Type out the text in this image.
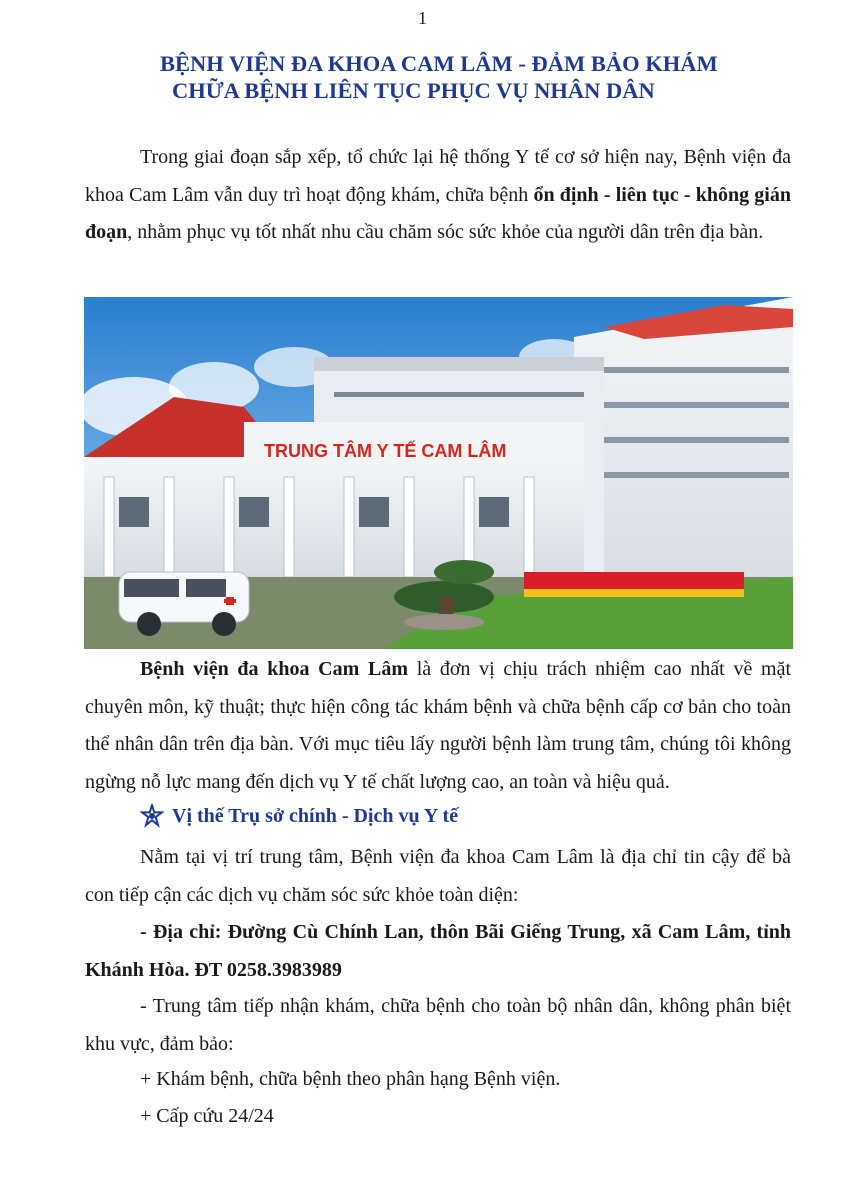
1
BỆNH VIỆN ĐA KHOA CAM LÂM - ĐẢM BẢO KHÁM
CHỮA BỆNH LIÊN TỤC PHỤC VỤ NHÂN DÂN

Trong giai đoạn sắp xếp, tổ chức lại hệ thống Y tế cơ sở hiện nay, Bệnh viện đa khoa Cam Lâm vẫn duy trì hoạt động khám, chữa bệnh ổn định - liên tục - không gián đoạn, nhằm phục vụ tốt nhất nhu cầu chăm sóc sức khỏe của người dân trên địa bàn.

TRUNG TÂM Y TẾ CAM LÂM

Bệnh viện đa khoa Cam Lâm là đơn vị chịu trách nhiệm cao nhất về mặt chuyên môn, kỹ thuật; thực hiện công tác khám bệnh và chữa bệnh cấp cơ bản cho toàn thể nhân dân trên địa bàn. Với mục tiêu lấy người bệnh làm trung tâm, chúng tôi không ngừng nỗ lực mang đến dịch vụ Y tế chất lượng cao, an toàn và hiệu quả.

Vị thế Trụ sở chính - Dịch vụ Y tế

Nằm tại vị trí trung tâm, Bệnh viện đa khoa Cam Lâm là địa chỉ tin cậy để bà con tiếp cận các dịch vụ chăm sóc sức khỏe toàn diện:

- Địa chỉ: Đường Cù Chính Lan, thôn Bãi Giếng Trung, xã Cam Lâm, tỉnh Khánh Hòa. ĐT 0258.3983989

- Trung tâm tiếp nhận khám, chữa bệnh cho toàn bộ nhân dân, không phân biệt khu vực, đảm bảo:

+ Khám bệnh, chữa bệnh theo phân hạng Bệnh viện.

+ Cấp cứu 24/24
